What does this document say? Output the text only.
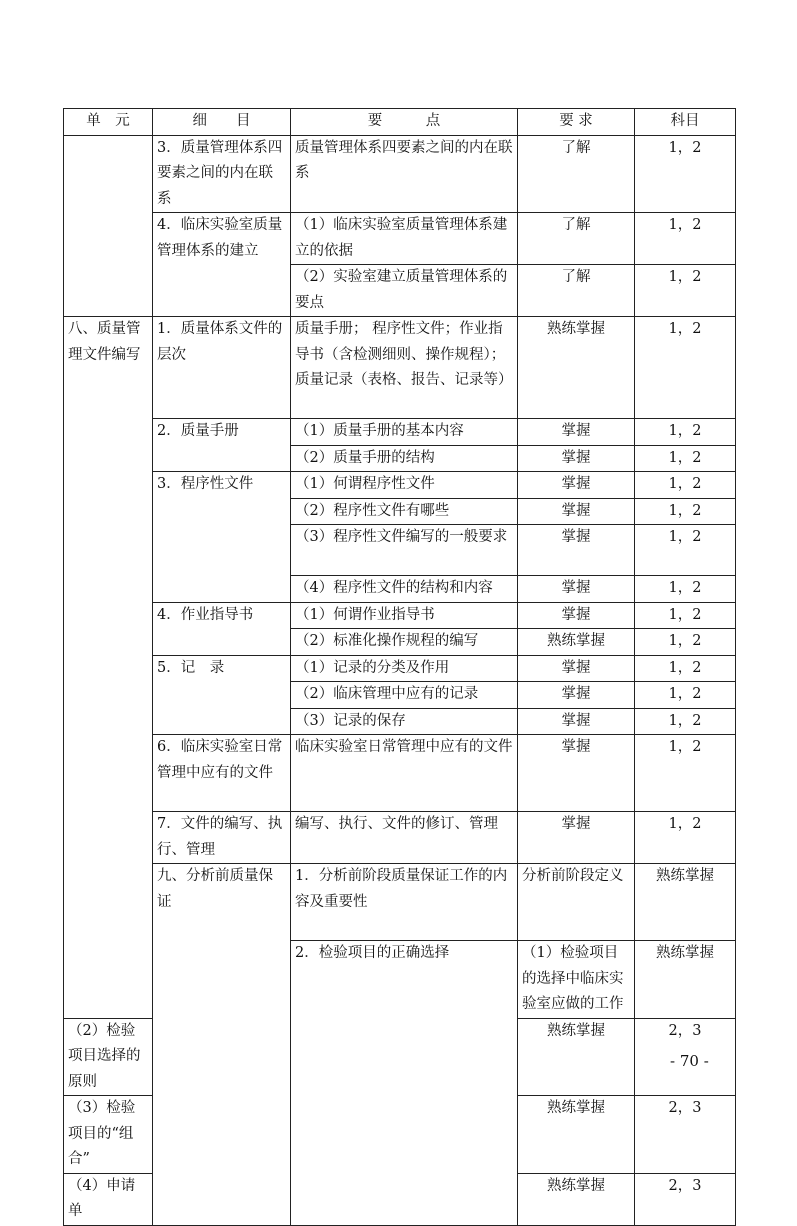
单　元	细　　目	要　　　点	要 求	科目	
	3．质量管理体系四要素之间的内在联系	质量管理体系四要素之间的内在联系	了解	1，2	
	4．临床实验室质量管理体系的建立	（1）临床实验室质量管理体系建立的依据	了解	1，2	
		（2）实验室建立质量管理体系的要点	了解	1，2	
八、质量管理文件编写	1．质量体系文件的层次	质量手册； 程序性文件；作业指导书（含检测细则、操作规程）；质量记录（表格、报告、记录等）	熟练掌握	1，2	
	2．质量手册	（1）质量手册的基本内容	掌握	1，2	
		（2）质量手册的结构	掌握	1，2	
	3．程序性文件	（1）何谓程序性文件	掌握	1，2	
		（2）程序性文件有哪些	掌握	1，2	
		（3）程序性文件编写的一般要求	掌握	1，2	
		（4）程序性文件的结构和内容	掌握	1，2	
	4．作业指导书	（1）何谓作业指导书	掌握	1，2	
		（2）标准化操作规程的编写	熟练掌握	1，2	
	5．记　录	（1）记录的分类及作用	掌握	1，2	
		（2）临床管理中应有的记录	掌握	1，2	
		（3）记录的保存	掌握	1，2	
	6．临床实验室日常管理中应有的文件	临床实验室日常管理中应有的文件	掌握	1，2	
	7．文件的编写、执行、管理	编写、执行、文件的修订、管理	掌握	1，2	
	九、分析前质量保证	1．分析前阶段质量保证工作的内容及重要性	分析前阶段定义	熟练掌握	
		2．检验项目的正确选择	（1）检验项目的选择中临床实验室应做的工作	熟练掌握	
（2）检验项目选择的原则			熟练掌握	2，3	
（3）检验项目的“组合”			熟练掌握	2，3	
（4）申请单			熟练掌握	2，3	
- 70 -
